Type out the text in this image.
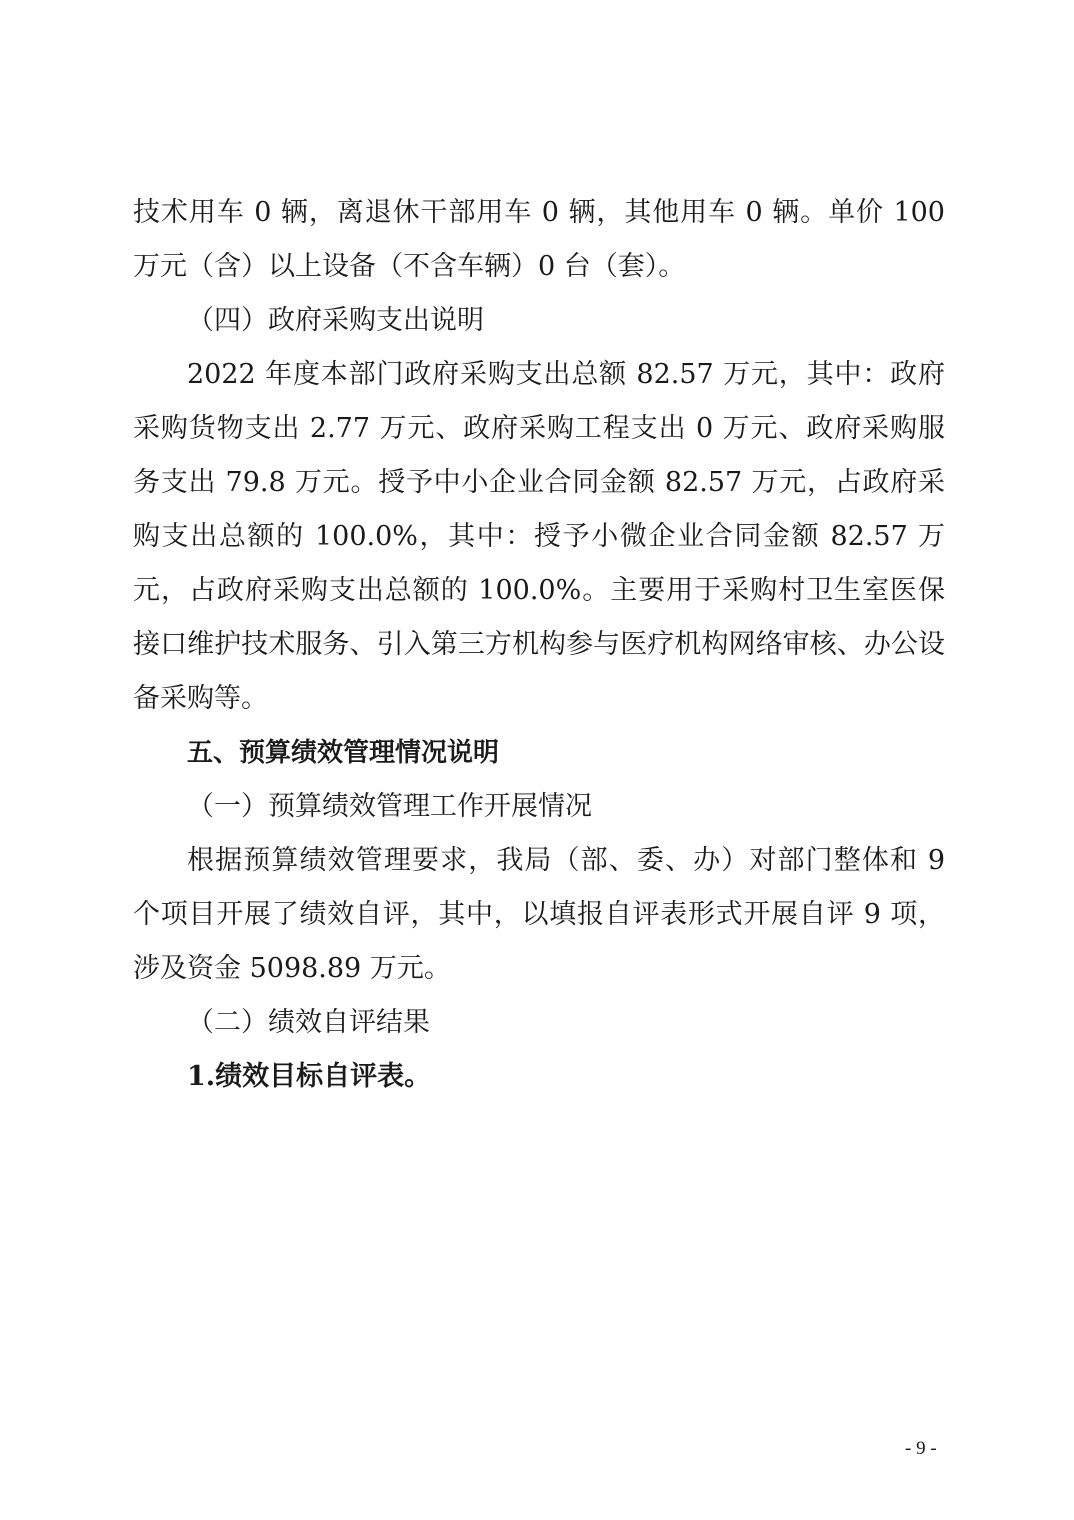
技术用车 0 辆，离退休干部用车 0 辆，其他用车 0 辆。单价 100 万元（含）以上设备（不含车辆）0 台（套）。

（四）政府采购支出说明

2022 年度本部门政府采购支出总额 82.57 万元，其中：政府采购货物支出 2.77 万元、政府采购工程支出 0 万元、政府采购服务支出 79.8 万元。授予中小企业合同金额 82.57 万元，占政府采购支出总额的 100.0%，其中：授予小微企业合同金额 82.57 万元，占政府采购支出总额的 100.0%。主要用于采购村卫生室医保接口维护技术服务、引入第三方机构参与医疗机构网络审核、办公设备采购等。

五、预算绩效管理情况说明

（一）预算绩效管理工作开展情况

根据预算绩效管理要求，我局（部、委、办）对部门整体和 9 个项目开展了绩效自评，其中，以填报自评表形式开展自评 9 项，涉及资金 5098.89 万元。

（二）绩效自评结果

1.绩效目标自评表。

- 9 -
